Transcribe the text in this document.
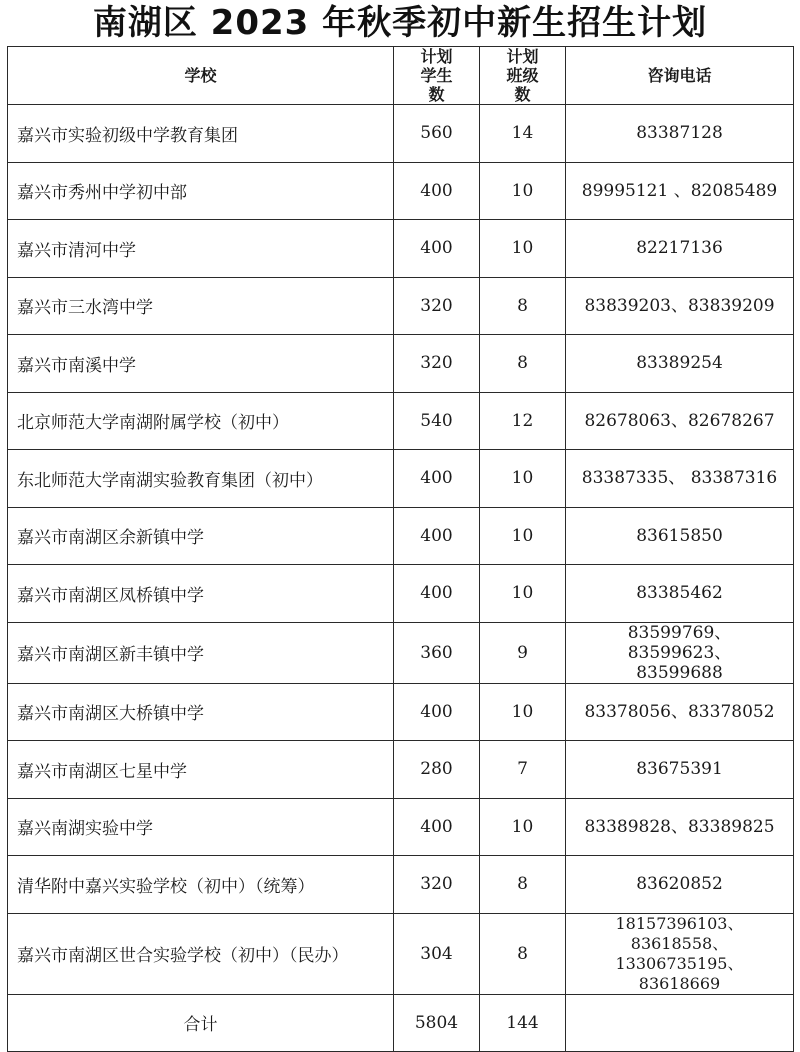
南湖区 2023 年秋季初中新生招生计划
学校	计划学生数	计划班级数	咨询电话
嘉兴市实验初级中学教育集团	560	14	83387128

嘉兴市秀州中学初中部	400	10	89995121 、82085489

嘉兴市清河中学	400	10	82217136

嘉兴市三水湾中学	320	8	83839203、83839209

嘉兴市南溪中学	320	8	83389254

北京师范大学南湖附属学校（初中）	540	12	82678063、82678267

东北师范大学南湖实验教育集团（初中）	400	10	83387335、 83387316

嘉兴市南湖区余新镇中学	400	10	83615850

嘉兴市南湖区凤桥镇中学	400	10	83385462

嘉兴市南湖区新丰镇中学	360	9	83599769、83599623、83599688

嘉兴市南湖区大桥镇中学	400	10	83378056、83378052

嘉兴市南湖区七星中学	280	7	83675391

嘉兴南湖实验中学	400	10	83389828、83389825

清华附中嘉兴实验学校（初中）（统筹）	320	8	83620852

嘉兴市南湖区世合实验学校（初中）（民办）	304	8	18157396103、83618558、13306735195、83618669

合计	5804	144	
